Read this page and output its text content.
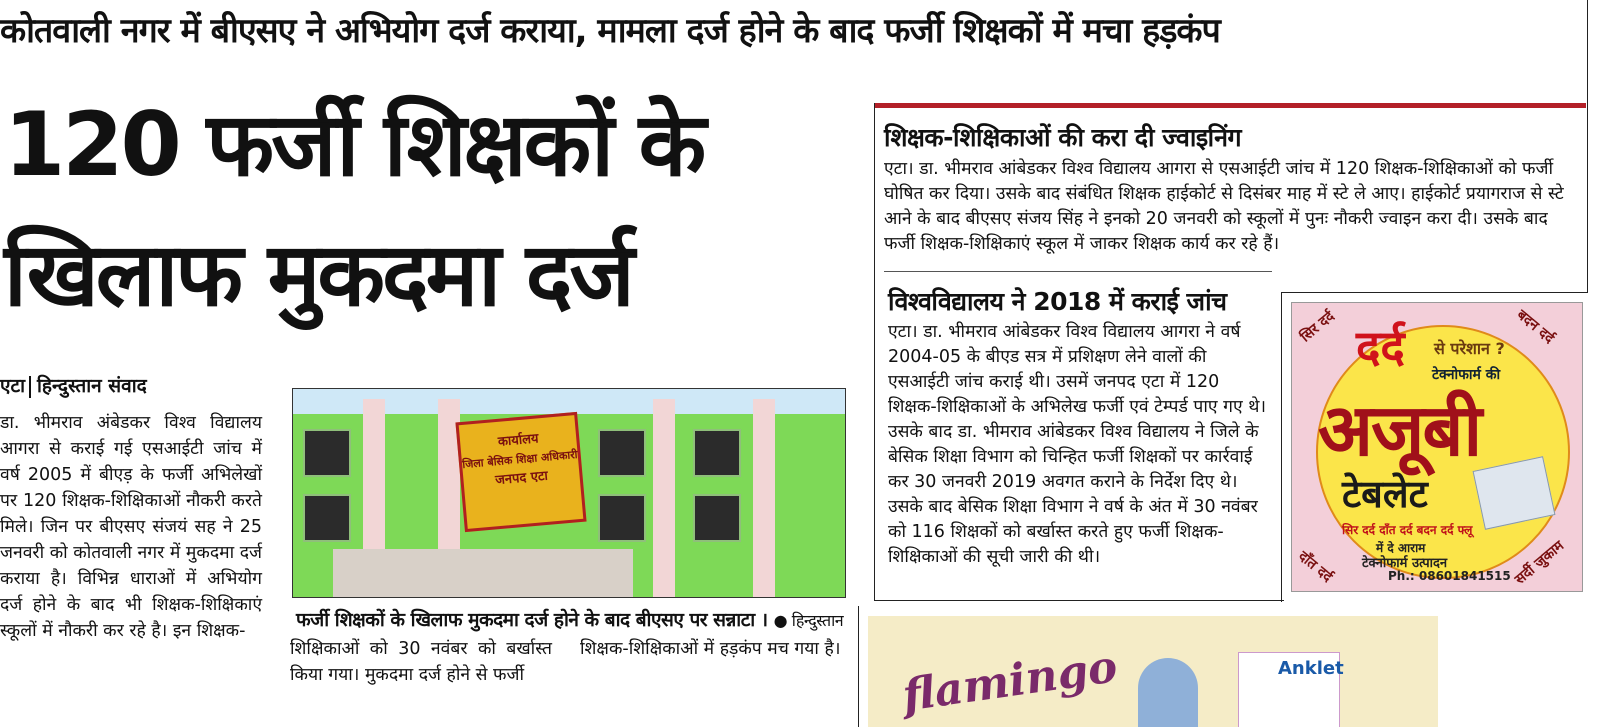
कोतवाली नगर में बीएसए ने अभियोग दर्ज कराया, मामला दर्ज होने के बाद फर्जी शिक्षकों में मचा हड़कंप
120 फर्जी शिक्षकों के
खिलाफ मुकदमा दर्ज
एटा हिन्दुस्तान संवाद
डा. भीमराव अंबेडकर विश्व विद्यालय आगरा से कराई गई एसआईटी जांच में वर्ष 2005 में बीएड़ के फर्जी अभिलेखों पर 120 शिक्षक-शिक्षिकाओं नौकरी करते मिले। जिन पर बीएसए संजयं सह ने 25 जनवरी को कोतवाली नगर में मुकदमा दर्ज कराया है। विभिन्न धाराओं में अभियोग दर्ज होने के बाद भी शिक्षक-शिक्षिकाएं स्कूलों में नौकरी कर रहे है। इन शिक्षक-
कार्यालय
जिला बेसिक शिक्षा अधिकारी
जनपद एटा
फर्जी शिक्षकों के खिलाफ मुकदमा दर्ज होने के बाद बीएसए पर सन्नाटा । ● हिन्दुस्तान
शिक्षिकाओं को 30 नवंबर को बर्खास्त किया गया। मुकदमा दर्ज होने से फर्जी
शिक्षक-शिक्षिकाओं में हड़कंप मच गया है।
शिक्षक-शिक्षिकाओं की करा दी ज्वाइनिंग
एटा। डा. भीमराव आंबेडकर विश्व विद्यालय आगरा से एसआईटी जांच में 120 शिक्षक-शिक्षिकाओं को फर्जी घोषित कर दिया। उसके बाद संबंधित शिक्षक हाईकोर्ट से दिसंबर माह में स्टे ले आए। हाईकोर्ट प्रयागराज से स्टे आने के बाद बीएसए संजय सिंह ने इनको 20 जनवरी को स्कूलों में पुनः नौकरी ज्वाइन करा दी। उसके बाद फर्जी शिक्षक-शिक्षिकाएं स्कूल में जाकर शिक्षक कार्य कर रहे हैं।
विश्वविद्यालय ने 2018 में कराई जांच
एटा। डा. भीमराव आंबेडकर विश्व विद्यालय आगरा ने वर्ष 2004-05 के बीएड सत्र में प्रशिक्षण लेने वालों की एसआईटी जांच कराई थी। उसमें जनपद एटा में 120 शिक्षक-शिक्षिकाओं के अभिलेख फर्जी एवं टेम्पर्ड पाए गए थे। उसके बाद डा. भीमराव आंबेडकर विश्व विद्यालय ने जिले के बेसिक शिक्षा विभाग को चिन्हित फर्जी शिक्षकों पर कार्रवाई कर 30 जनवरी 2019 अवगत कराने के निर्देश दिए थे। उसके बाद बेसिक शिक्षा विभाग ने वर्ष के अंत में 30 नवंबर को 116 शिक्षकों को बर्खास्त करते हुए फर्जी शिक्षक-शिक्षिकाओं की सूची जारी की थी।
सिर दर्द	बदन दर्द
दाँत दर्द	सर्दी जुकाम
दर्द से परेशान ?
टेक्नोफार्म की
अजूबी
टेबलेट
सिर दर्द दाँत दर्द बदन दर्द फ्लू
में दे आराम
टेक्नोफार्म उत्पादन
Ph.: 08601841515
flamingo	Anklet
